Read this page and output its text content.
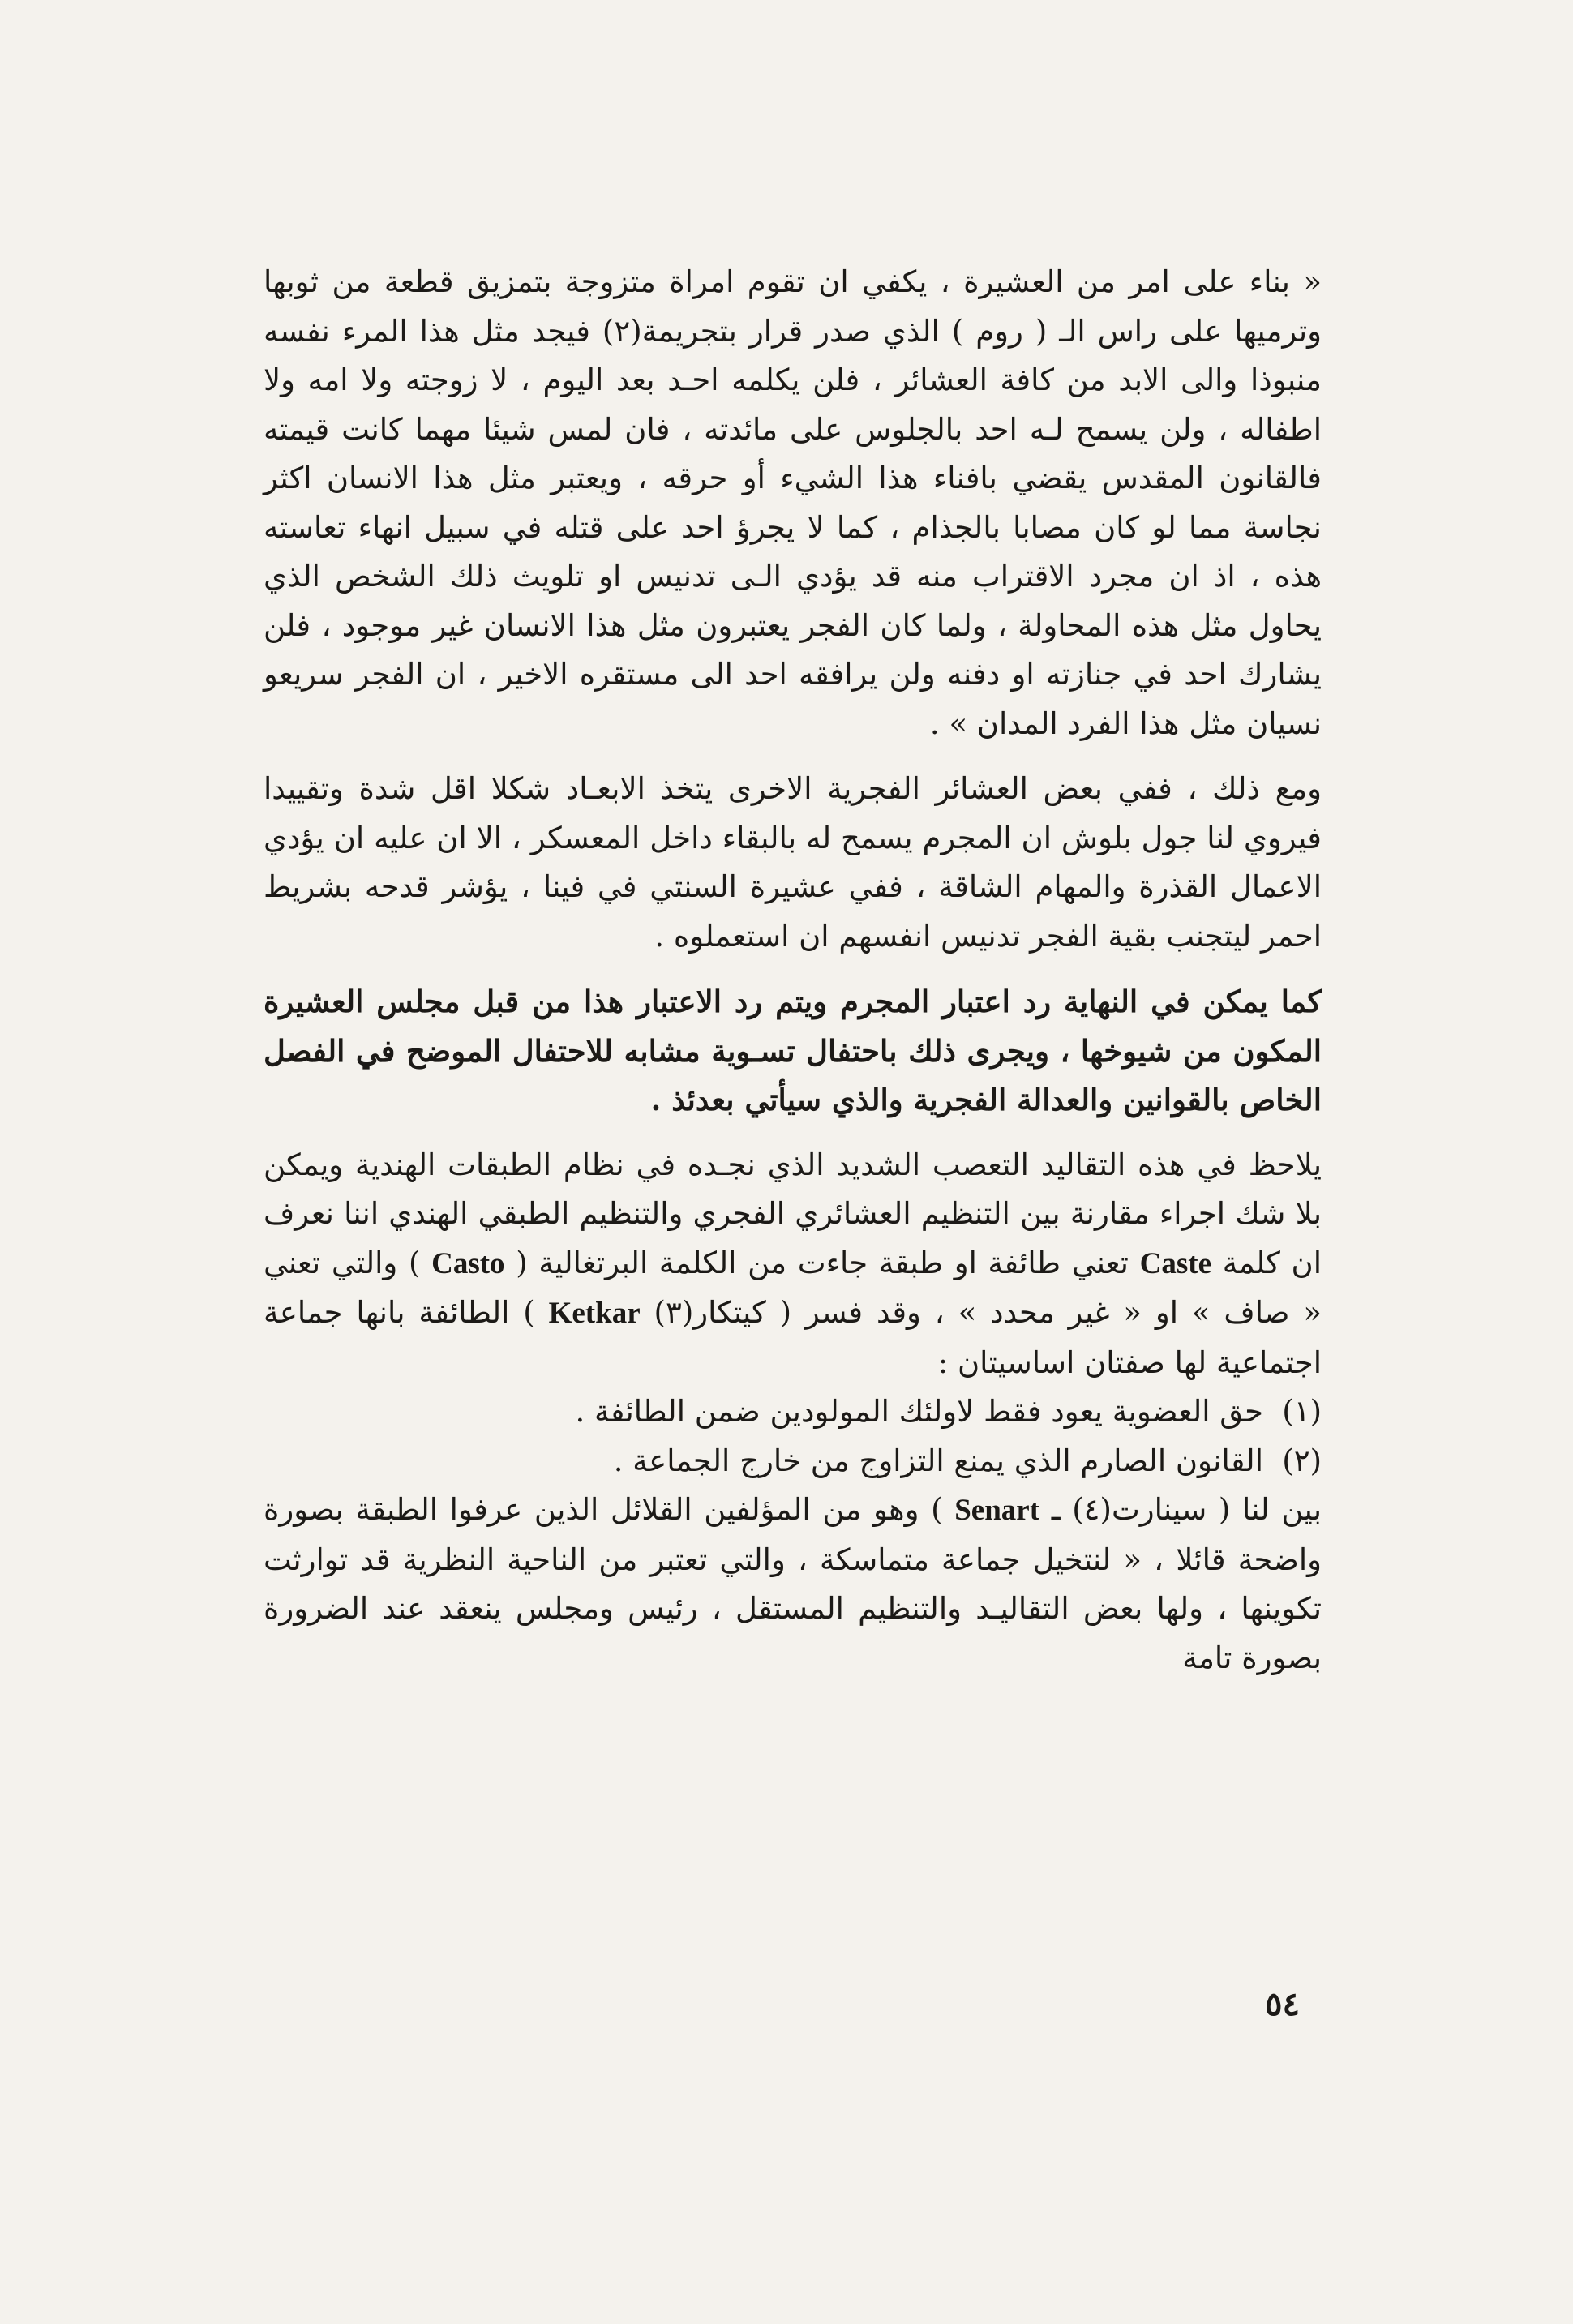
« بناء على امر من العشيرة ، يكفي ان تقوم امراة متزوجة بتمزيق قطعة من ثوبها وترميها على راس الـ ( روم ) الذي صدر قرار بتجريمة(٢) فيجد مثل هذا المرء نفسه منبوذا والى الابد من كافة العشائر ، فلن يكلمه احـد بعد اليوم ، لا زوجته ولا امه ولا اطفاله ، ولن يسمح لـه احد بالجلوس على مائدته ، فان لمس شيئا مهما كانت قيمته فالقانون المقدس يقضي بافناء هذا الشيء أو حرقه ، ويعتبر مثل هذا الانسان اكثر نجاسة مما لو كان مصابا بالجذام ، كما لا يجرؤ احد على قتله في سبيل انهاء تعاسته هذه ، اذ ان مجرد الاقتراب منه قد يؤدي الـى تدنيس او تلويث ذلك الشخص الذي يحاول مثل هذه المحاولة ، ولما كان الفجر يعتبرون مثل هذا الانسان غير موجود ، فلن يشارك احد في جنازته او دفنه ولن يرافقه احد الى مستقره الاخير ، ان الفجر سريعو نسيان مثل هذا الفرد المدان » .

ومع ذلك ، ففي بعض العشائر الفجرية الاخرى يتخذ الابعـاد شكلا اقل شدة وتقييدا فيروي لنا جول بلوش ان المجرم يسمح له بالبقاء داخل المعسكر ، الا ان عليه ان يؤدي الاعمال القذرة والمهام الشاقة ، ففي عشيرة السنتي في فينا ، يؤشر قدحه بشريط احمر ليتجنب بقية الفجر تدنيس انفسهم ان استعملوه .

كما يمكن في النهاية رد اعتبار المجرم ويتم رد الاعتبار هذا من قبل مجلس العشيرة المكون من شيوخها ، ويجرى ذلك باحتفال تسـوية مشابه للاحتفال الموضح في الفصل الخاص بالقوانين والعدالة الفجرية والذي سيأتي بعدئذ .

يلاحظ في هذه التقاليد التعصب الشديد الذي نجـده في نظام الطبقات الهندية ويمكن بلا شك اجراء مقارنة بين التنظيم العشائري الفجري والتنظيم الطبقي الهندي اننا نعرف ان كلمة Caste تعني طائفة او طبقة جاءت من الكلمة البرتغالية ( Casto ) والتي تعني « صاف » او « غير محدد » ، وقد فسر ( كيتكار(٣) Ketkar ) الطائفة بانها جماعة اجتماعية لها صفتان اساسيتان :

(١)
حق العضوية يعود فقط لاولئك المولودين ضمن الطائفة .
(٢)
القانون الصارم الذي يمنع التزاوج من خارج الجماعة .

بين لنا ( سينارت(٤) ـ Senart ) وهو من المؤلفين القلائل الذين عرفوا الطبقة بصورة واضحة قائلا ، « لنتخيل جماعة متماسكة ، والتي تعتبر من الناحية النظرية قد توارثت تكوينها ، ولها بعض التقاليـد والتنظيم المستقل ، رئيس ومجلس ينعقد عند الضرورة بصورة تامة

٥٤
